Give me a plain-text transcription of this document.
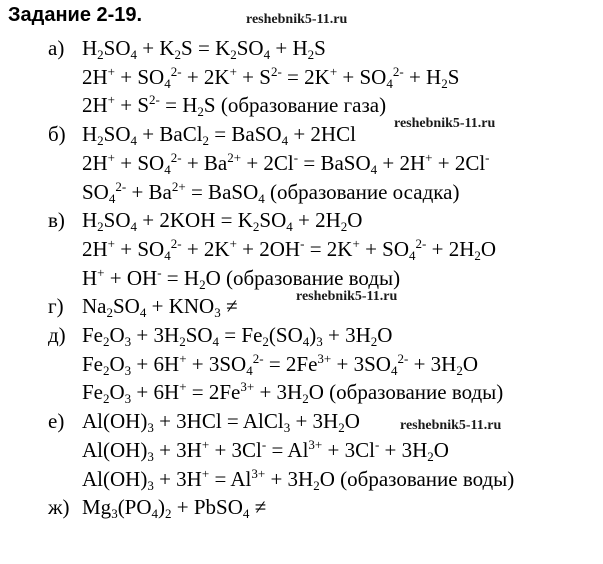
Задание 2-19.
а) $H_2SO_4 + K_2S = K_2SO_4 + H_2S$
$2H^+ + SO_4^{2-} + 2K^+ + S^{2-} = 2K^+ + SO_4^{2-} + H_2S$
$2H^+ + S^{2-} = H_2S$ (образование газа)
б) $H_2SO_4$ + BaCl$_2$ = BaSO$_4$ + 2HCl
$2H^+ + SO_4^{2-} + Ba^{2+} + 2Cl^-$ = BaSO$_4$ + 2H+ + 2Cl-
$SO_4^{2-} + Ba^{2+}$ = BaSO$_4$ (образование осадка)
в) $H_2SO_4 + 2KOH = K_2SO_4 + 2H_2O$
$2H^+ + SO_4^{2-} + 2K^+ + 2OH^- = 2K^+ + SO_4^{2-} + 2H_2O$
$H^+ + OH^- = H_2O$ (образование воды)
г) $Na_2SO_4 + KNO_3$ ≠
д) $Fe_2O_3 + 3H_2SO_4 = Fe_2(SO_4)_3 + 3H_2O$
$Fe_2O_3 + 6H^+ + 3SO_4^{2-} = 2Fe^{3+} + 3SO_4^{2-} + 3H_2O$
$Fe_2O_3 + 6H^+ = 2Fe^{3+} + 3H_2O$ (образование воды)
е) $Al(OH)_3 + 3HCl$ = AlCl$_3$ + $3H_2O$
$Al(OH)_3 + 3H^+ + 3Cl^- = Al^{3+} + 3Cl^- + 3H_2O$
$Al(OH)_3 + 3H^+ = Al^{3+} + 3H_2O$ (образование воды)
ж) $Mg_3(PO_4)_2$ + PbSO$_4$ ≠
reshebnik5-11.ru
reshebnik5-11.ru
reshebnik5-11.ru
reshebnik5-11.ru
